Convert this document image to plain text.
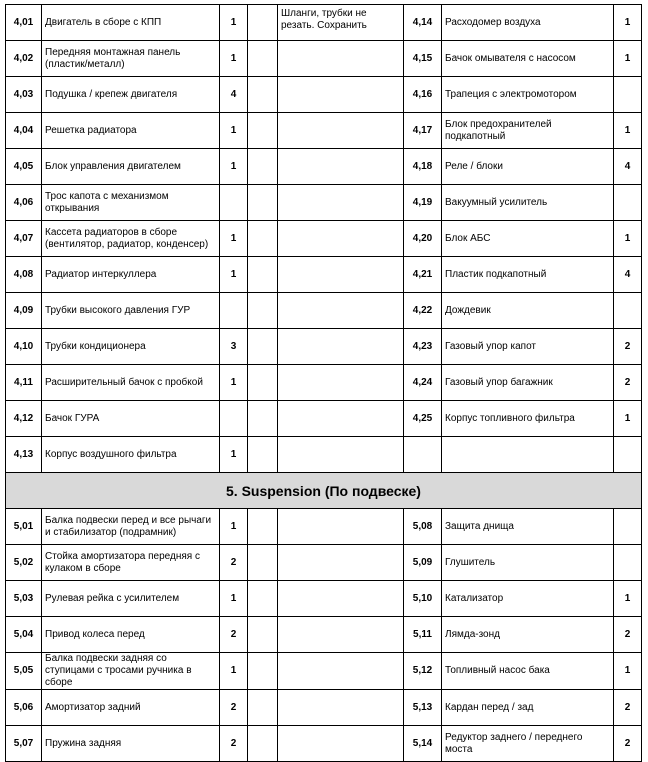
4,01	Двигатель в сборе с КПП	1		Шланги, трубки не резать. Сохранить	4,14	Расходомер воздуха	1

4,02	Передняя монтажная панель (пластик/металл)	1			4,15	Бачок омывателя с насосом	1

4,03	Подушка / крепеж двигателя	4			4,16	Трапеция с электромотором	

4,04	Решетка радиатора	1			4,17	Блок предохранителей подкапотный	1

4,05	Блок управления двигателем	1			4,18	Реле / блоки	4

4,06	Трос капота с механизмом открывания				4,19	Вакуумный усилитель	

4,07	Кассета радиаторов в сборе (вентилятор, радиатор, конденсер)	1			4,20	Блок АБС	1

4,08	Радиатор интеркуллера	1			4,21	Пластик подкапотный	4

4,09	Трубки высокого давления ГУР				4,22	Дождевик	

4,10	Трубки кондиционера	3			4,23	Газовый упор капот	2

4,11	Расширительный бачок с пробкой	1			4,24	Газовый упор багажник	2

4,12	Бачок ГУРА				4,25	Корпус топливного фильтра	1

4,13	Корпус воздушного фильтра	1					

5. Suspension (По подвеске)							

5,01	Балка подвески перед и все рычаги и стабилизатор (подрамник)	1			5,08	Защита днища	

5,02	Стойка амортизатора передняя с кулаком в сборе	2			5,09	Глушитель	

5,03	Рулевая рейка с усилителем	1			5,10	Катализатор	1

5,04	Привод колеса перед	2			5,11	Лямда-зонд	2

5,05	Балка подвески задняя со ступицами с тросами ручника в сборе	1			5,12	Топливный насос бака	1

5,06	Амортизатор задний	2			5,13	Кардан перед / зад	2

5,07	Пружина задняя	2			5,14	Редуктор заднего / переднего моста	2
